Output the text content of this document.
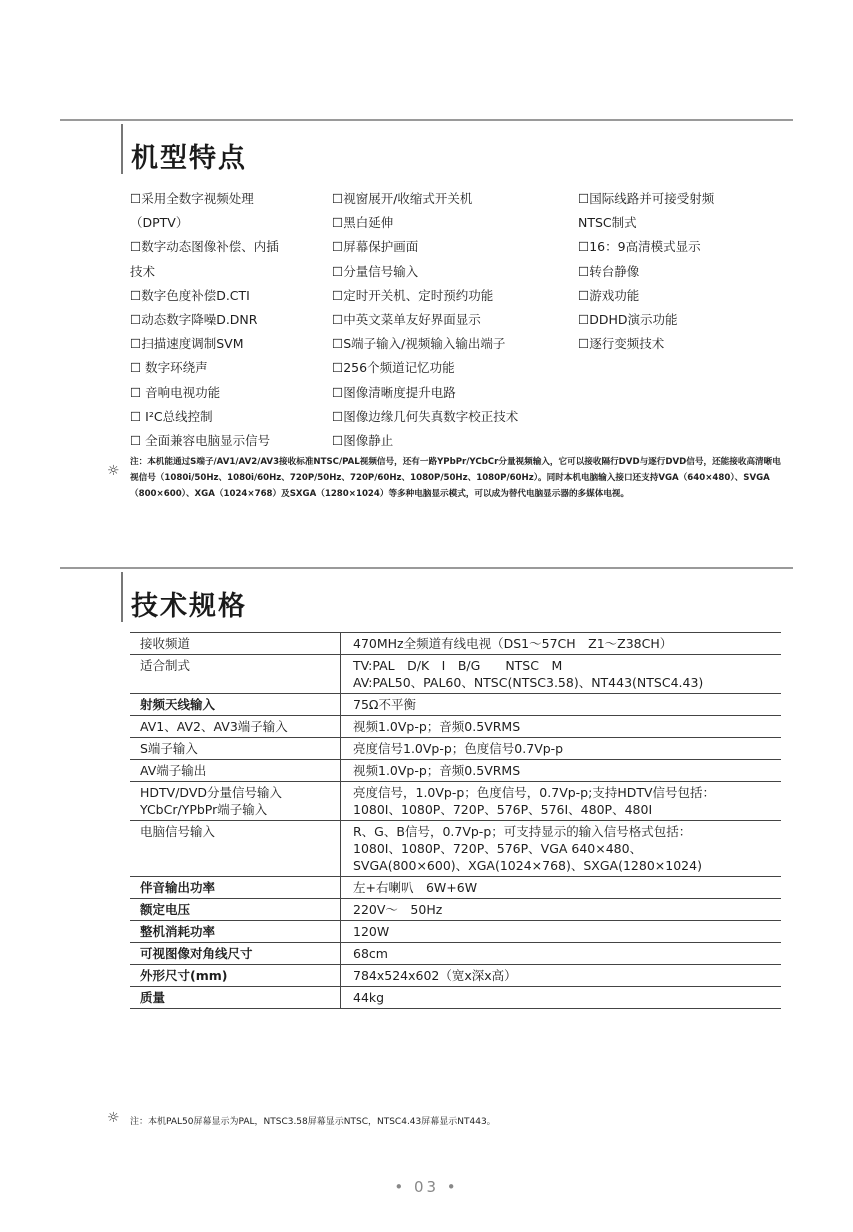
机型特点
☐采用全数字视频处理
（DPTV）
☐数字动态图像补偿、内插
技术
☐数字色度补偿D.CTI
☐动态数字降噪D.DNR
☐扫描速度调制SVM
☐ 数字环绕声
☐ 音响电视功能
☐ I²C总线控制
☐ 全面兼容电脑显示信号
☐视窗展开/收缩式开关机
☐黑白延伸
☐屏幕保护画面
☐分量信号输入
☐定时开关机、定时预约功能
☐中英文菜单友好界面显示
☐S端子输入/视频输入输出端子
☐256个频道记忆功能
☐图像清晰度提升电路
☐图像边缘几何失真数字校正技术
☐图像静止
☐国际线路并可接受射频
NTSC制式
☐16：9高清模式显示
☐转台静像
☐游戏功能
☐DDHD演示功能
☐逐行变频技术
☼
注：本机能通过S端子/AV1/AV2/AV3接收标准NTSC/PAL视频信号，还有一路YPbPr/YCbCr分量视频输入，它可以接收隔行DVD与逐行DVD信号，还能接收高清晰电视信号（1080i/50Hz、1080i/60Hz、720P/50Hz、720P/60Hz、1080P/50Hz、1080P/60Hz）。同时本机电脑输入接口还支持VGA（640×480）、SVGA（800×600）、XGA（1024×768）及SXGA（1280×1024）等多种电脑显示模式，可以成为替代电脑显示器的多媒体电视。
技术规格
接收频道	470MHz全频道有线电视（DS1～57CH　Z1～Z38CH）
适合制式	TV:PAL　D/K　I　B/G　　NTSC　M
AV:PAL50、PAL60、NTSC(NTSC3.58)、NT443(NTSC4.43)
射频天线输入	75Ω不平衡
AV1、AV2、AV3端子输入	视频1.0Vp-p；音频0.5VRMS
S端子输入	亮度信号1.0Vp-p；色度信号0.7Vp-p
AV端子输出	视频1.0Vp-p；音频0.5VRMS
HDTV/DVD分量信号输入
YCbCr/YPbPr端子输入	亮度信号，1.0Vp-p；色度信号，0.7Vp-p;支持HDTV信号包括：
1080I、1080P、720P、576P、576I、480P、480I
电脑信号输入	R、G、B信号，0.7Vp-p；可支持显示的输入信号格式包括：
1080I、1080P、720P、576P、VGA 640×480、
SVGA(800×600)、XGA(1024×768)、SXGA(1280×1024)
伴音输出功率	左+右喇叭　6W+6W
额定电压	220V～　50Hz
整机消耗功率	120W
可视图像对角线尺寸	68cm
外形尺寸(mm)	784x524x602（宽x深x高）
质量	44kg
☼ 注：本机PAL50屏幕显示为PAL，NTSC3.58屏幕显示NTSC，NTSC4.43屏幕显示NT443。
• 03 •
